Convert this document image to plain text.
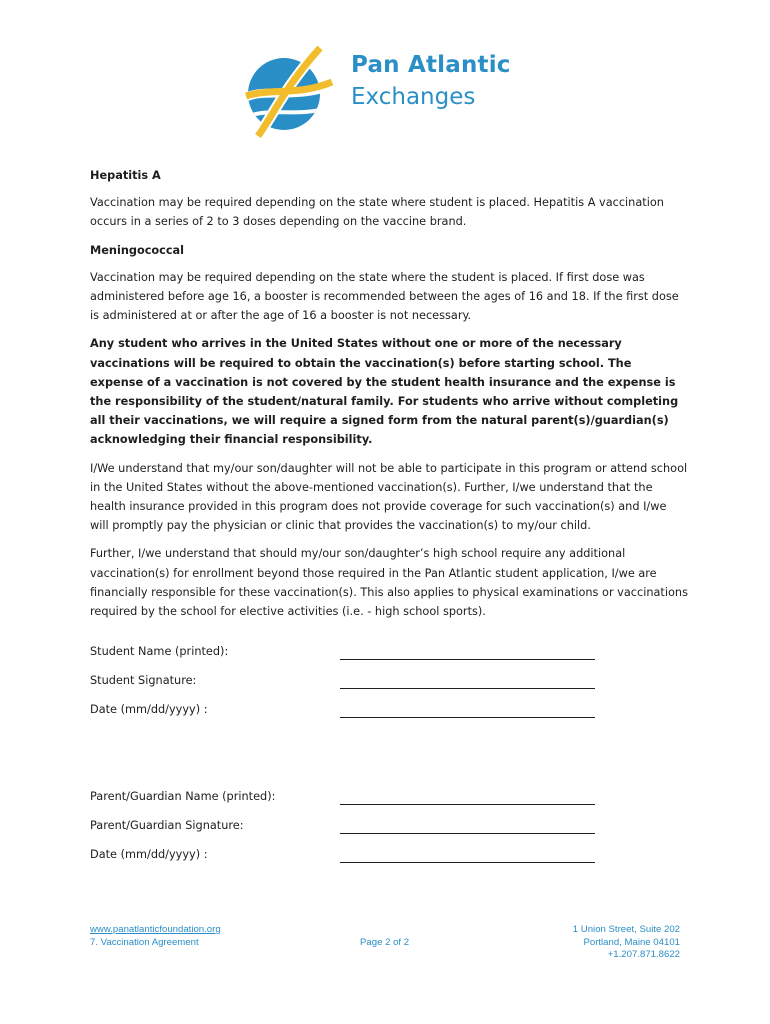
Pan Atlantic
Exchanges

Hepatitis A

Vaccination may be required depending on the state where student is placed. Hepatitis A vaccination occurs in a series of 2 to 3 doses depending on the vaccine brand.

Meningococcal

Vaccination may be required depending on the state where the student is placed. If first dose was administered before age 16, a booster is recommended between the ages of 16 and 18. If the first dose is administered at or after the age of 16 a booster is not necessary.

Any student who arrives in the United States without one or more of the necessary vaccinations will be required to obtain the vaccination(s) before starting school. The expense of a vaccination is not covered by the student health insurance and the expense is the responsibility of the student/natural family. For students who arrive without completing all their vaccinations, we will require a signed form from the natural parent(s)/guardian(s) acknowledging their financial responsibility.

I/We understand that my/our son/daughter will not be able to participate in this program or attend school in the United States without the above-mentioned vaccination(s). Further, I/we understand that the health insurance provided in this program does not provide coverage for such vaccination(s) and I/we will promptly pay the physician or clinic that provides the vaccination(s) to my/our child.

Further, I/we understand that should my/our son/daughter’s high school require any additional vaccination(s) for enrollment beyond those required in the Pan Atlantic student application, I/we are financially responsible for these vaccination(s). This also applies to physical examinations or vaccinations required by the school for elective activities (i.e. - high school sports).

Student Name (printed):
Student Signature:
Date (mm/dd/yyyy) :
Parent/Guardian Name (printed):
Parent/Guardian Signature:
Date (mm/dd/yyyy) :
www.panatlanticfoundation.org
7. Vaccination Agreement	Page 2 of 2
1 Union Street, Suite 202
Portland, Maine 04101
+1.207.871.8622
